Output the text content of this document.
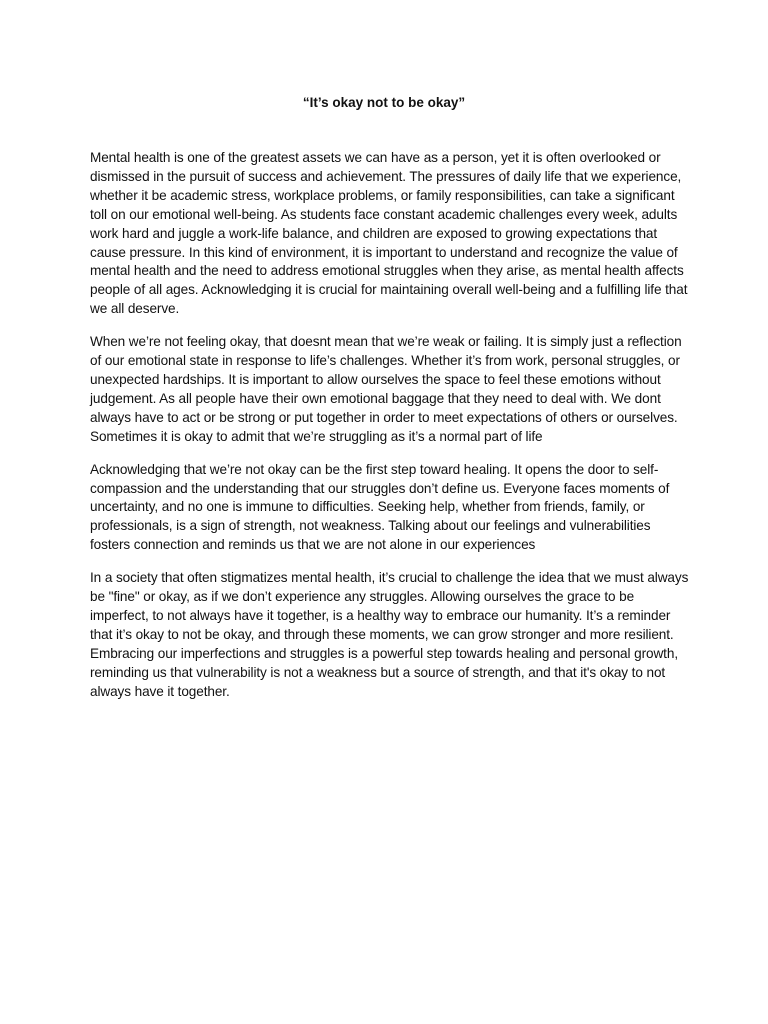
“It’s okay not to be okay”

Mental health is one of the greatest assets we can have as a person, yet it is often overlooked or dismissed in the pursuit of success and achievement. The pressures of daily life that we experience, whether it be academic stress, workplace problems, or family responsibilities, can take a significant toll on our emotional well-being. As students face constant academic challenges every week, adults work hard and juggle a work-life balance, and children are exposed to growing expectations that cause pressure. In this kind of environment, it is important to understand and recognize the value of mental health and the need to address emotional struggles when they arise, as mental health affects people of all ages. Acknowledging it is crucial for maintaining overall well-being and a fulfilling life that we all deserve.

When we’re not feeling okay, that doesnt mean that we’re weak or failing. It is simply just a reflection of our emotional state in response to life’s challenges. Whether it’s from work, personal struggles, or unexpected hardships. It is important to allow ourselves the space to feel these emotions without judgement. As all people have their own emotional baggage that they need to deal with. We dont always have to act or be strong or put together in order to meet expectations of others or ourselves. Sometimes it is okay to admit that we’re struggling as it’s a normal part of life

Acknowledging that we’re not okay can be the first step toward healing. It opens the door to self-compassion and the understanding that our struggles don’t define us. Everyone faces moments of uncertainty, and no one is immune to difficulties. Seeking help, whether from friends, family, or professionals, is a sign of strength, not weakness. Talking about our feelings and vulnerabilities fosters connection and reminds us that we are not alone in our experiences

In a society that often stigmatizes mental health, it’s crucial to challenge the idea that we must always be "fine" or okay, as if we don’t experience any struggles. Allowing ourselves the grace to be imperfect, to not always have it together, is a healthy way to embrace our humanity. It’s a reminder that it’s okay to not be okay, and through these moments, we can grow stronger and more resilient. Embracing our imperfections and struggles is a powerful step towards healing and personal growth, reminding us that vulnerability is not a weakness but a source of strength, and that it's okay to not always have it together.
